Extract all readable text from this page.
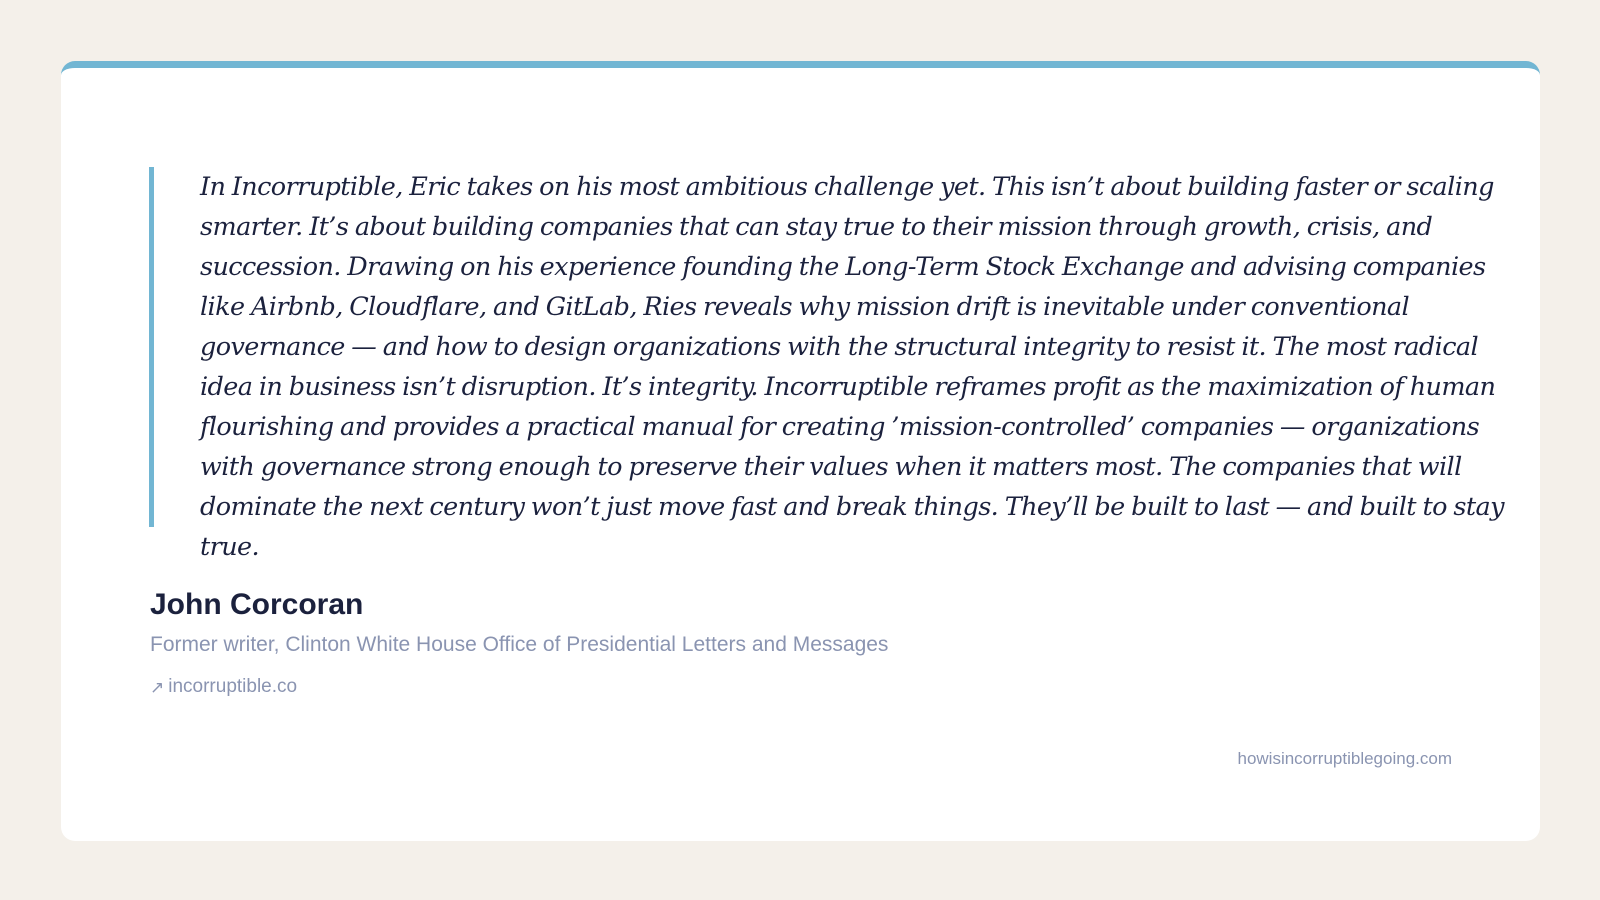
In Incorruptible, Eric takes on his most ambitious challenge yet. This isn’t about building faster or scaling smarter. It’s about building companies that can stay true to their mission through growth, crisis, and succession. Drawing on his experience founding the Long-Term Stock Exchange and advising companies like Airbnb, Cloudflare, and GitLab, Ries reveals why mission drift is inevitable under conventional governance — and how to design organizations with the structural integrity to resist it. The most radical idea in business isn’t disruption. It’s integrity. Incorruptible reframes profit as the maximization of human flourishing and provides a practical manual for creating ’mission-controlled’ companies — organizations with governance strong enough to preserve their values when it matters most. The companies that will dominate the next century won’t just move fast and break things. They’ll be built to last — and built to stay true.

John Corcoran
Former writer, Clinton White House Office of Presidential Letters and Messages
↗ incorruptible.co
howisincorruptiblegoing.com
